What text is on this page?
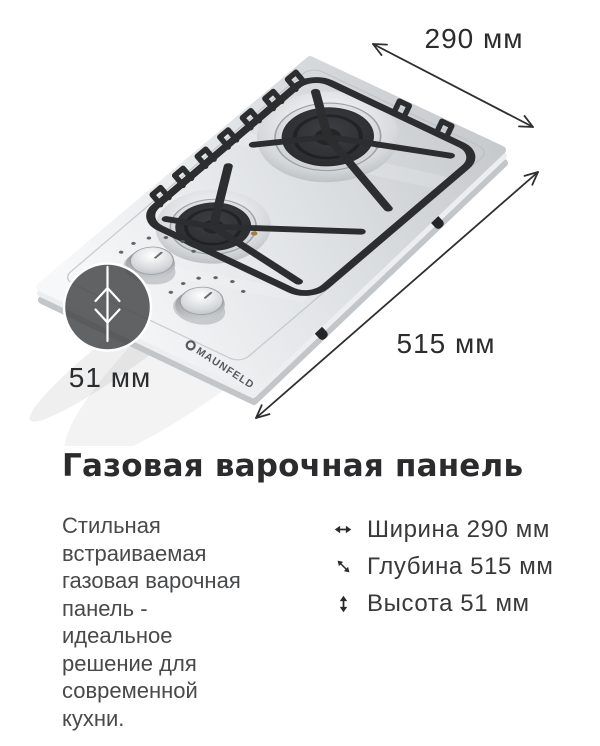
MAUNFELD
290 мм
515 мм
51 мм
Газовая варочная панель

Стильная встраиваемая газовая варочная панель - идеальное решение для современной кухни.

Ширина 290 мм
Глубина 515 мм
Высота 51 мм
